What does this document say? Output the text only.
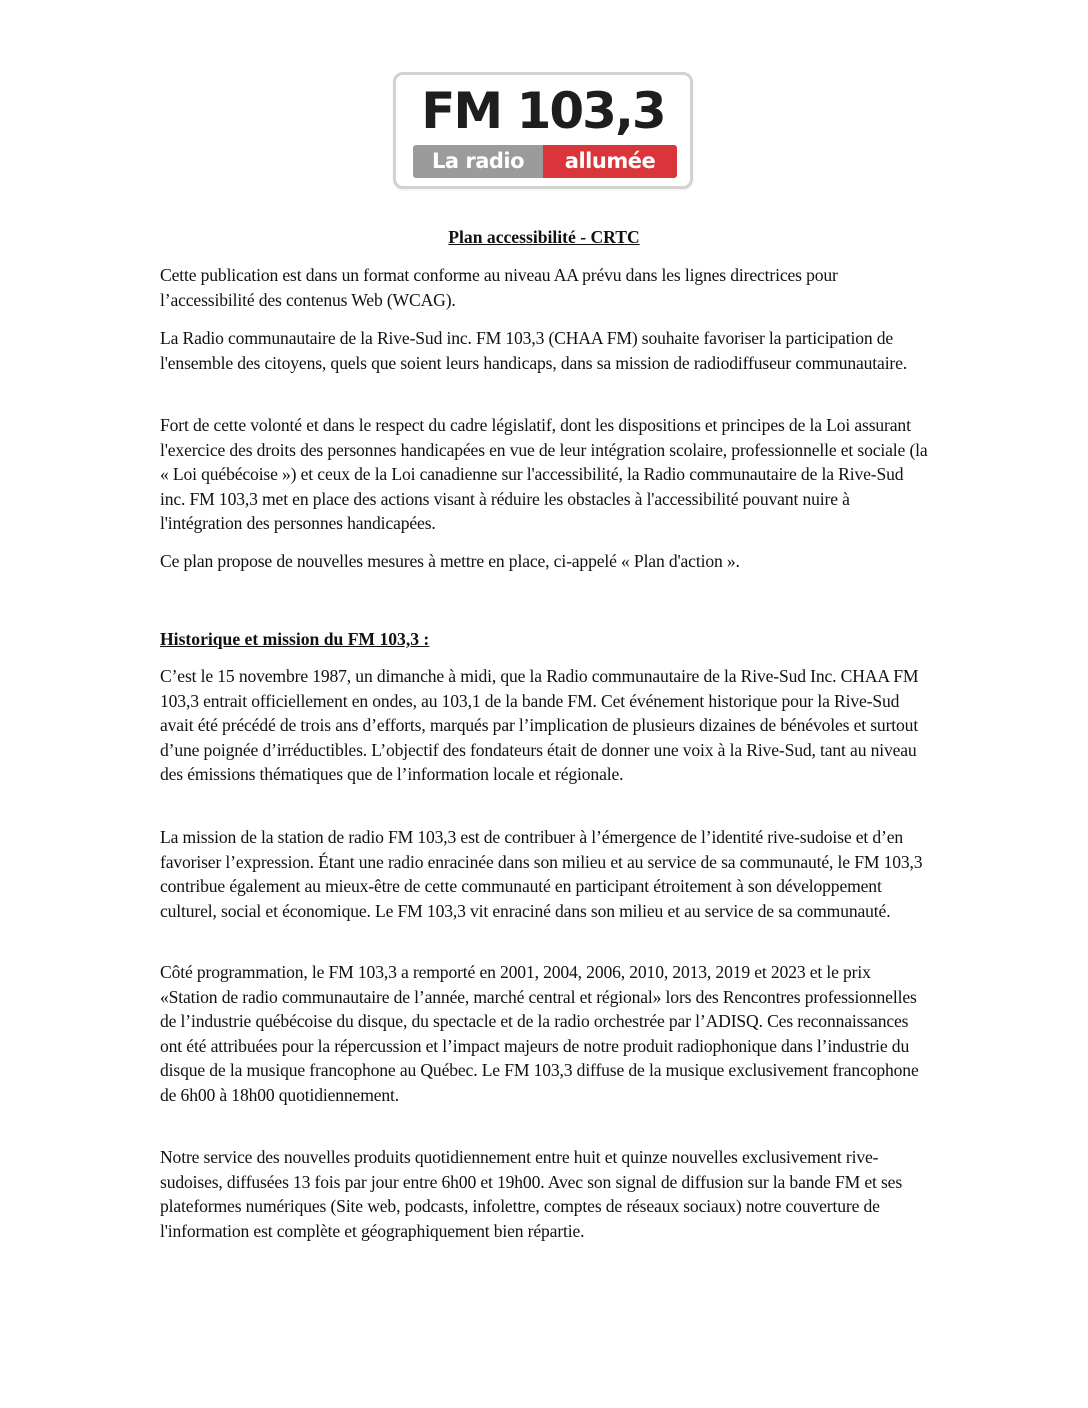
FM 103,3
La radio	allumée
Plan accessibilité - CRTC

Cette publication est dans un format conforme au niveau AA prévu dans les lignes directrices pour l’accessibilité des contenus Web (WCAG).

La Radio communautaire de la Rive-Sud inc. FM 103,3 (CHAA FM) souhaite favoriser la participation de l'ensemble des citoyens, quels que soient leurs handicaps, dans sa mission de radiodiffuseur communautaire.

Fort de cette volonté et dans le respect du cadre législatif, dont les dispositions et principes de la Loi assurant l'exercice des droits des personnes handicapées en vue de leur intégration scolaire, professionnelle et sociale (la « Loi québécoise ») et ceux de la Loi canadienne sur l'accessibilité, la Radio communautaire de la Rive-Sud inc. FM 103,3 met en place des actions visant à réduire les obstacles à l'accessibilité pouvant nuire à l'intégration des personnes handicapées.

Ce plan propose de nouvelles mesures à mettre en place, ci-appelé « Plan d'action ».

Historique et mission du FM 103,3 :

C’est le 15 novembre 1987, un dimanche à midi, que la Radio communautaire de la Rive-Sud Inc. CHAA FM 103,3 entrait officiellement en ondes, au 103,1 de la bande FM. Cet événement historique pour la Rive-Sud avait été précédé de trois ans d’efforts, marqués par l’implication de plusieurs dizaines de bénévoles et surtout d’une poignée d’irréductibles. L’objectif des fondateurs était de donner une voix à la Rive-Sud, tant au niveau des émissions thématiques que de l’information locale et régionale.

La mission de la station de radio FM 103,3 est de contribuer à l’émergence de l’identité rive-sudoise et d’en favoriser l’expression. Étant une radio enracinée dans son milieu et au service de sa communauté, le FM 103,3 contribue également au mieux-être de cette communauté en participant étroitement à son développement culturel, social et économique. Le FM 103,3 vit enraciné dans son milieu et au service de sa communauté.

Côté programmation, le FM 103,3 a remporté en 2001, 2004, 2006, 2010, 2013, 2019 et 2023 et le prix «Station de radio communautaire de l’année, marché central et régional» lors des Rencontres professionnelles de l’industrie québécoise du disque, du spectacle et de la radio orchestrée par l’ADISQ. Ces reconnaissances ont été attribuées pour la répercussion et l’impact majeurs de notre produit radiophonique dans l’industrie du disque de la musique francophone au Québec. Le FM 103,3 diffuse de la musique exclusivement francophone de 6h00 à 18h00 quotidiennement.

Notre service des nouvelles produits quotidiennement entre huit et quinze nouvelles exclusivement rive-sudoises, diffusées 13 fois par jour entre 6h00 et 19h00. Avec son signal de diffusion sur la bande FM et ses plateformes numériques (Site web, podcasts, infolettre, comptes de réseaux sociaux) notre couverture de l'information est complète et géographiquement bien répartie.
